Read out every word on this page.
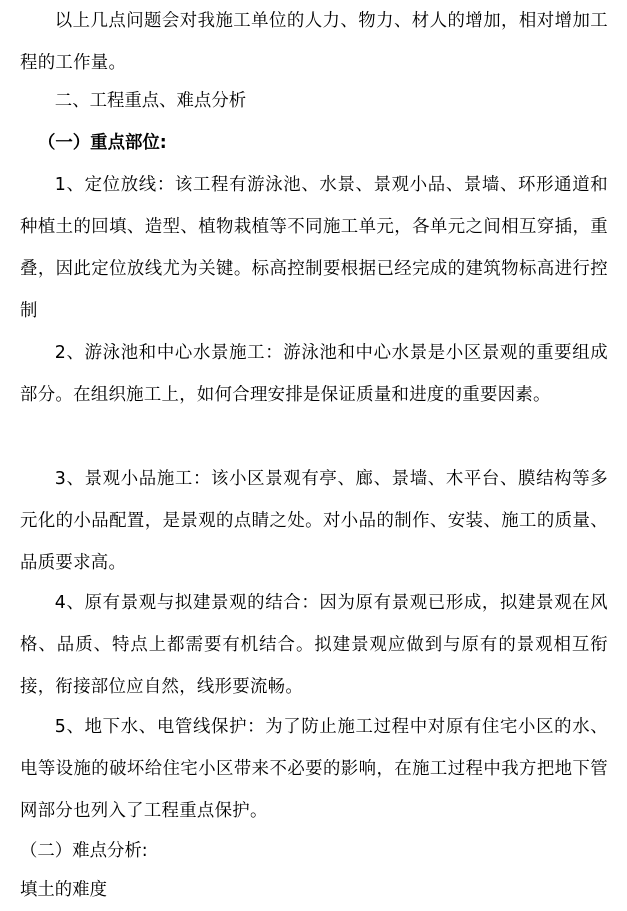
以上几点问题会对我施工单位的人力、物力、材人的增加，相对增加工程的工作量。

二、工程重点、难点分析

（一）重点部位:

1、定位放线：该工程有游泳池、水景、景观小品、景墙、环形通道和种植土的回填、造型、植物栽植等不同施工单元，各单元之间相互穿插，重叠，因此定位放线尤为关键。标高控制要根据已经完成的建筑物标高进行控制

2、游泳池和中心水景施工：游泳池和中心水景是小区景观的重要组成部分。在组织施工上，如何合理安排是保证质量和进度的重要因素。

3、景观小品施工：该小区景观有亭、廊、景墙、木平台、膜结构等多元化的小品配置，是景观的点睛之处。对小品的制作、安装、施工的质量、品质要求高。

4、原有景观与拟建景观的结合：因为原有景观已形成，拟建景观在风格、品质、特点上都需要有机结合。拟建景观应做到与原有的景观相互衔接，衔接部位应自然，线形要流畅。

5、地下水、电管线保护：为了防止施工过程中对原有住宅小区的水、电等设施的破坏给住宅小区带来不必要的影响，在施工过程中我方把地下管网部分也列入了工程重点保护。

（二）难点分析:

填土的难度
